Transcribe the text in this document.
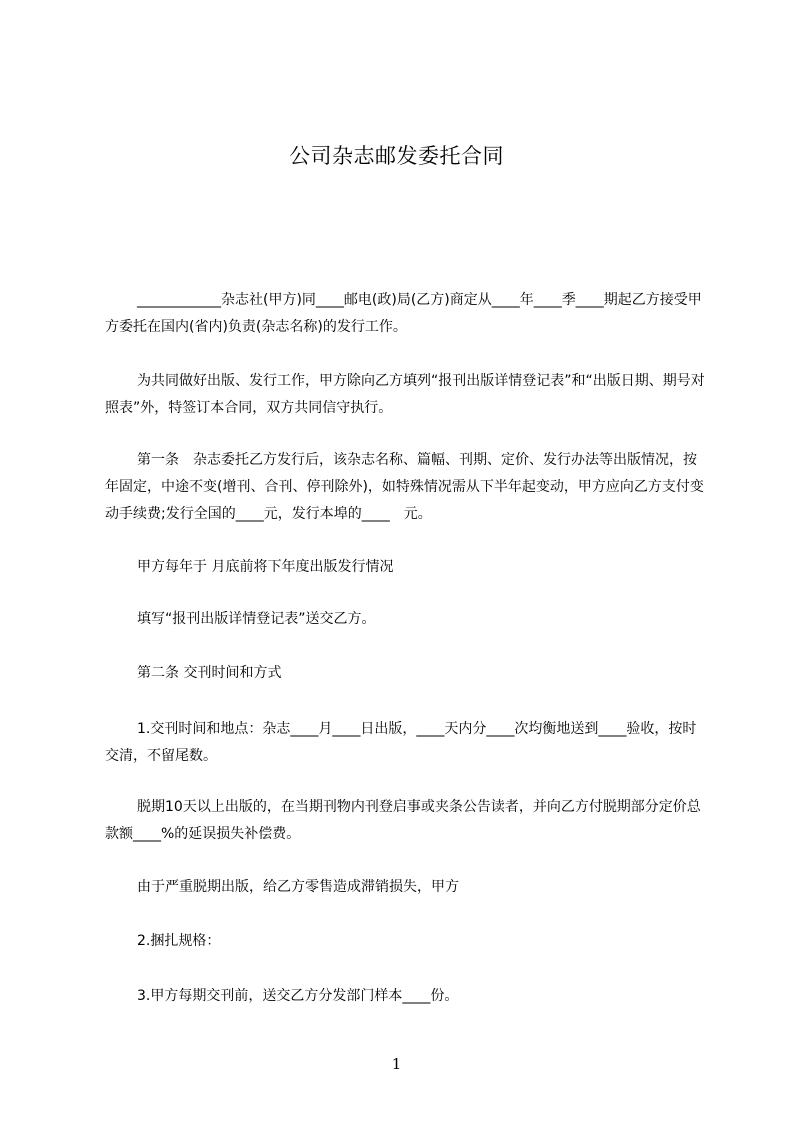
公司杂志邮发委托合同

____________杂志社(甲方)同____邮电(政)局(乙方)商定从____年____季____期起乙方接受甲方委托在国内(省内)负责(杂志名称)的发行工作。

为共同做好出版、发行工作，甲方除向乙方填列“报刊出版详情登记表”和“出版日期、期号对照表”外，特签订本合同，双方共同信守执行。

第一条　杂志委托乙方发行后，该杂志名称、篇幅、刊期、定价、发行办法等出版情况，按年固定，中途不变(增刊、合刊、停刊除外)，如特殊情况需从下半年起变动，甲方应向乙方支付变动手续费;发行全国的____元，发行本埠的____　元。

甲方每年于 月底前将下年度出版发行情况

填写“报刊出版详情登记表”送交乙方。

第二条 交刊时间和方式

1.交刊时间和地点：杂志____月____日出版，____天内分____次均衡地送到____验收，按时交清，不留尾数。

脱期10天以上出版的，在当期刊物内刊登启事或夹条公告读者，并向乙方付脱期部分定价总款额____%的延误损失补偿费。

由于严重脱期出版，给乙方零售造成滞销损失，甲方

2.捆扎规格：

3.甲方每期交刊前，送交乙方分发部门样本____份。

1
